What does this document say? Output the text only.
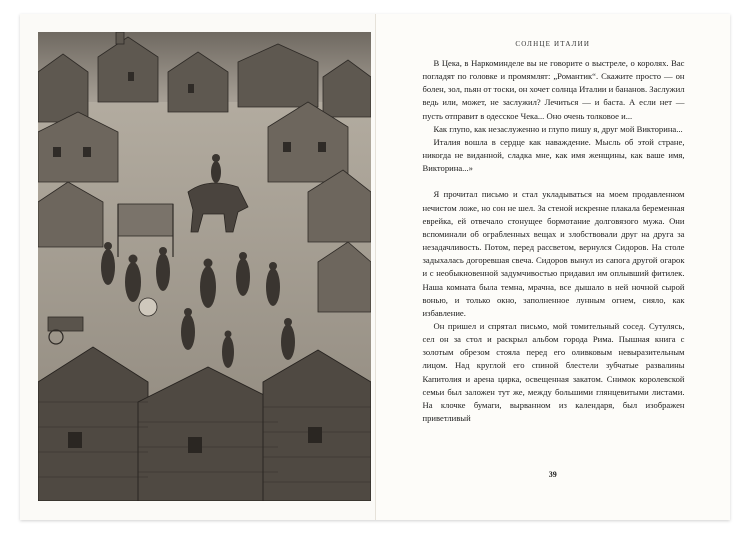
СОЛНЦЕ ИТАЛИИ

В Цека, в Наркоминделе вы не говорите о выстреле, о королях. Вас погладят по головке и промямлят: „Романтик“. Скажите просто — он болен, зол, пьян от тоски, он хочет солнца Италии и бананов. Заслужил ведь или, может, не заслужил? Лечиться — и баста. А если нет — пусть отправит в одесское Чека... Оно очень толковое и...

Как глупо, как незаслуженно и глупо пишу я, друг мой Викторина...

Италия вошла в сердце как наваждение. Мысль об этой стране, никогда не виданной, сладка мне, как имя женщины, как ваше имя, Викторина...»

Я прочитал письмо и стал укладываться на моем продавленном нечистом ложе, но сон не шел. За стеной искренне плакала беременная еврейка, ей отвечало стонущее бормотание долговязого мужа. Они вспоминали об ограбленных вещах и злобствовали друг на друга за незадачливость. Потом, перед рассветом, вернулся Сидоров. На столе задыхалась догоревшая свеча. Сидоров вынул из сапога другой огарок и с необыкновенной задумчивостью придавил им оплывший фитилек. Наша комната была темна, мрачна, все дышало в ней ночной сырой вонью, и только окно, заполненное лунным огнем, сияло, как избавление.

Он пришел и спрятал письмо, мой томительный сосед. Сутулясь, сел он за стол и раскрыл альбом города Рима. Пышная книга с золотым обрезом стояла перед его оливковым невыразительным лицом. Над круглой его спиной блестели зубчатые развалины Капитолия и арена цирка, освещенная закатом. Снимок королевской семьи был заложен тут же, между большими глянцевитыми листами. На клочке бумаги, вырванном из календаря, был изображен приветливый

39
